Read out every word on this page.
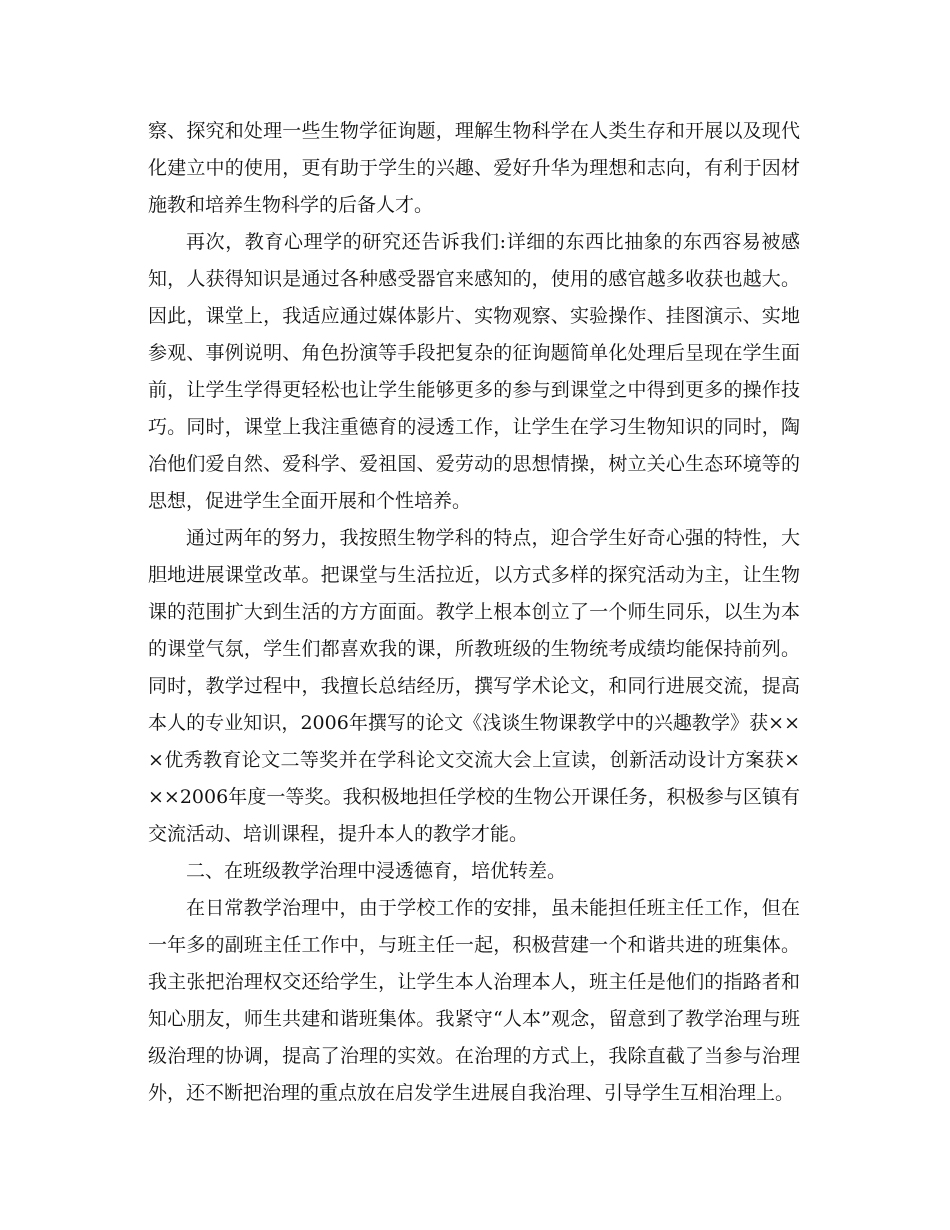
察、探究和处理一些生物学征询题，理解生物科学在人类生存和开展以及现代化建立中的使用，更有助于学生的兴趣、爱好升华为理想和志向，有利于因材施教和培养生物科学的后备人才。

再次，教育心理学的研究还告诉我们:详细的东西比抽象的东西容易被感知，人获得知识是通过各种感受器官来感知的，使用的感官越多收获也越大。因此，课堂上，我适应通过媒体影片、实物观察、实验操作、挂图演示、实地参观、事例说明、角色扮演等手段把复杂的征询题简单化处理后呈现在学生面前，让学生学得更轻松也让学生能够更多的参与到课堂之中得到更多的操作技巧。同时，课堂上我注重德育的浸透工作，让学生在学习生物知识的同时，陶冶他们爱自然、爱科学、爱祖国、爱劳动的思想情操，树立关心生态环境等的思想，促进学生全面开展和个性培养。

通过两年的努力，我按照生物学科的特点，迎合学生好奇心强的特性，大胆地进展课堂改革。把课堂与生活拉近，以方式多样的探究活动为主，让生物课的范围扩大到生活的方方面面。教学上根本创立了一个师生同乐，以生为本的课堂气氛，学生们都喜欢我的课，所教班级的生物统考成绩均能保持前列。同时，教学过程中，我擅长总结经历，撰写学术论文，和同行进展交流，提高本人的专业知识，2006年撰写的论文《浅谈生物课教学中的兴趣教学》获×××优秀教育论文二等奖并在学科论文交流大会上宣读，创新活动设计方案获×××2006年度一等奖。我积极地担任学校的生物公开课任务，积极参与区镇有交流活动、培训课程，提升本人的教学才能。

二、在班级教学治理中浸透德育，培优转差。

在日常教学治理中，由于学校工作的安排，虽未能担任班主任工作，但在一年多的副班主任工作中，与班主任一起，积极营建一个和谐共进的班集体。我主张把治理权交还给学生，让学生本人治理本人，班主任是他们的指路者和知心朋友，师生共建和谐班集体。我紧守“人本”观念，留意到了教学治理与班级治理的协调，提高了治理的实效。在治理的方式上，我除直截了当参与治理外，还不断把治理的重点放在启发学生进展自我治理、引导学生互相治理上。
